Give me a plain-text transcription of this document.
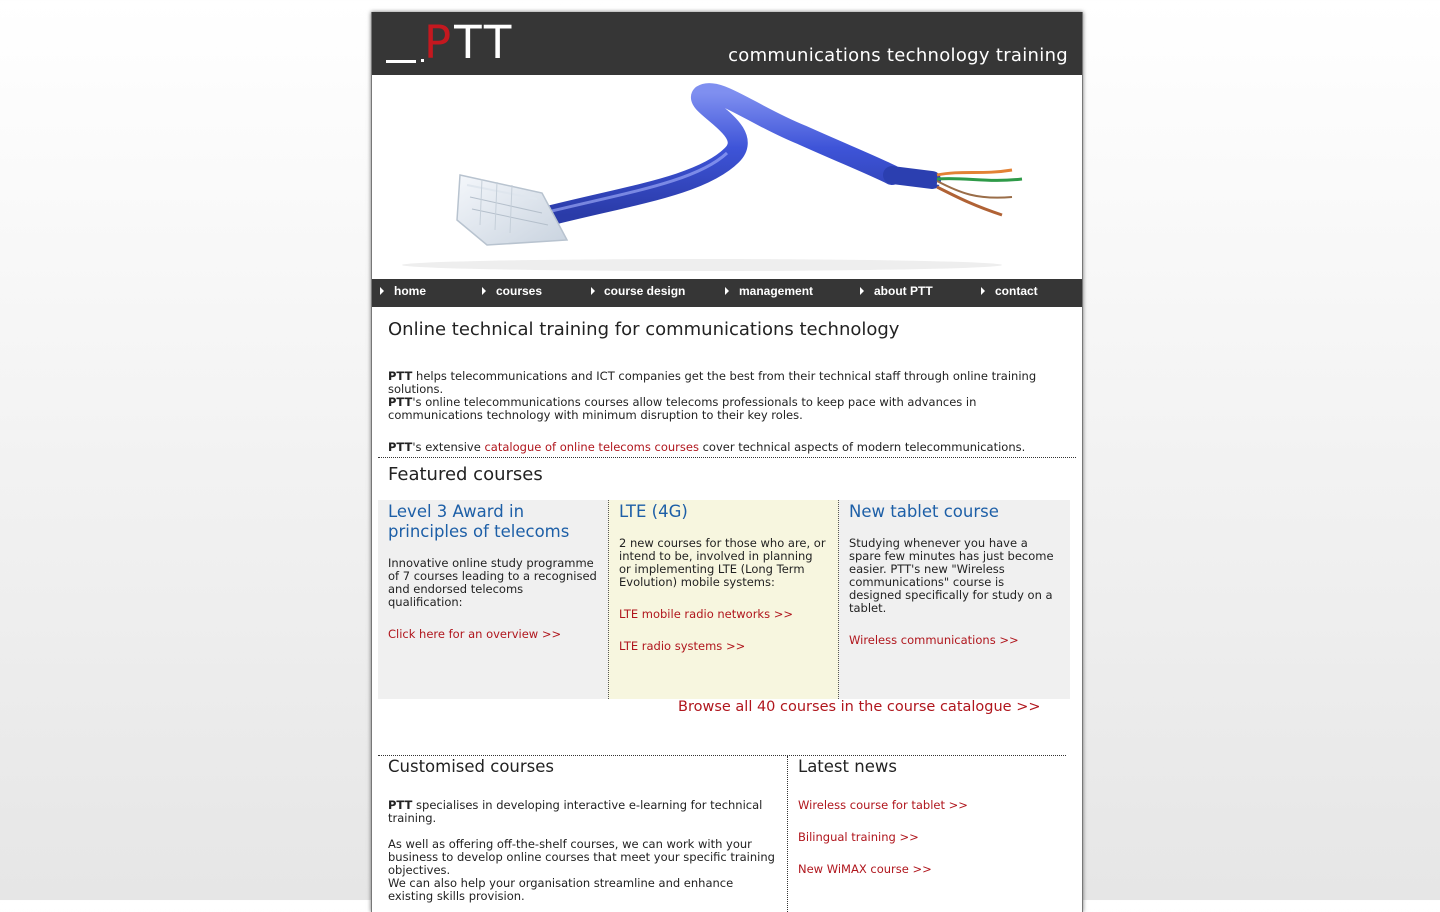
PTT	communications technology training
home	courses	course design	management	about PTT	contact
Online technical training for communications technology

PTT helps telecommunications and ICT companies get the best from their technical staff through online training solutions.

PTT's online telecommunications courses allow telecoms professionals to keep pace with advances in communications technology with minimum disruption to their key roles.

PTT's extensive catalogue of online telecoms courses cover technical aspects of modern telecommunications.

Featured courses
Level 3 Award in principles of telecoms

Innovative online study programme of 7 courses leading to a recognised and endorsed telecoms qualification:

Click here for an overview >>

LTE (4G)

2 new courses for those who are, or intend to be, involved in planning or implementing LTE (Long Term Evolution) mobile systems:

LTE mobile radio networks >>

LTE radio systems >>

New tablet course

Studying whenever you have a spare few minutes has just become easier. PTT's new "Wireless communications" course is designed specifically for study on a tablet.

Wireless communications >>

Browse all 40 courses in the course catalogue >>
Customised courses

PTT specialises in developing interactive e-learning for technical training.

As well as offering off-the-shelf courses, we can work with your business to develop online courses that meet your specific training objectives.

We can also help your organisation streamline and enhance existing skills provision.

Latest news

Wireless course for tablet >>

Bilingual training >>

New WiMAX course >>
